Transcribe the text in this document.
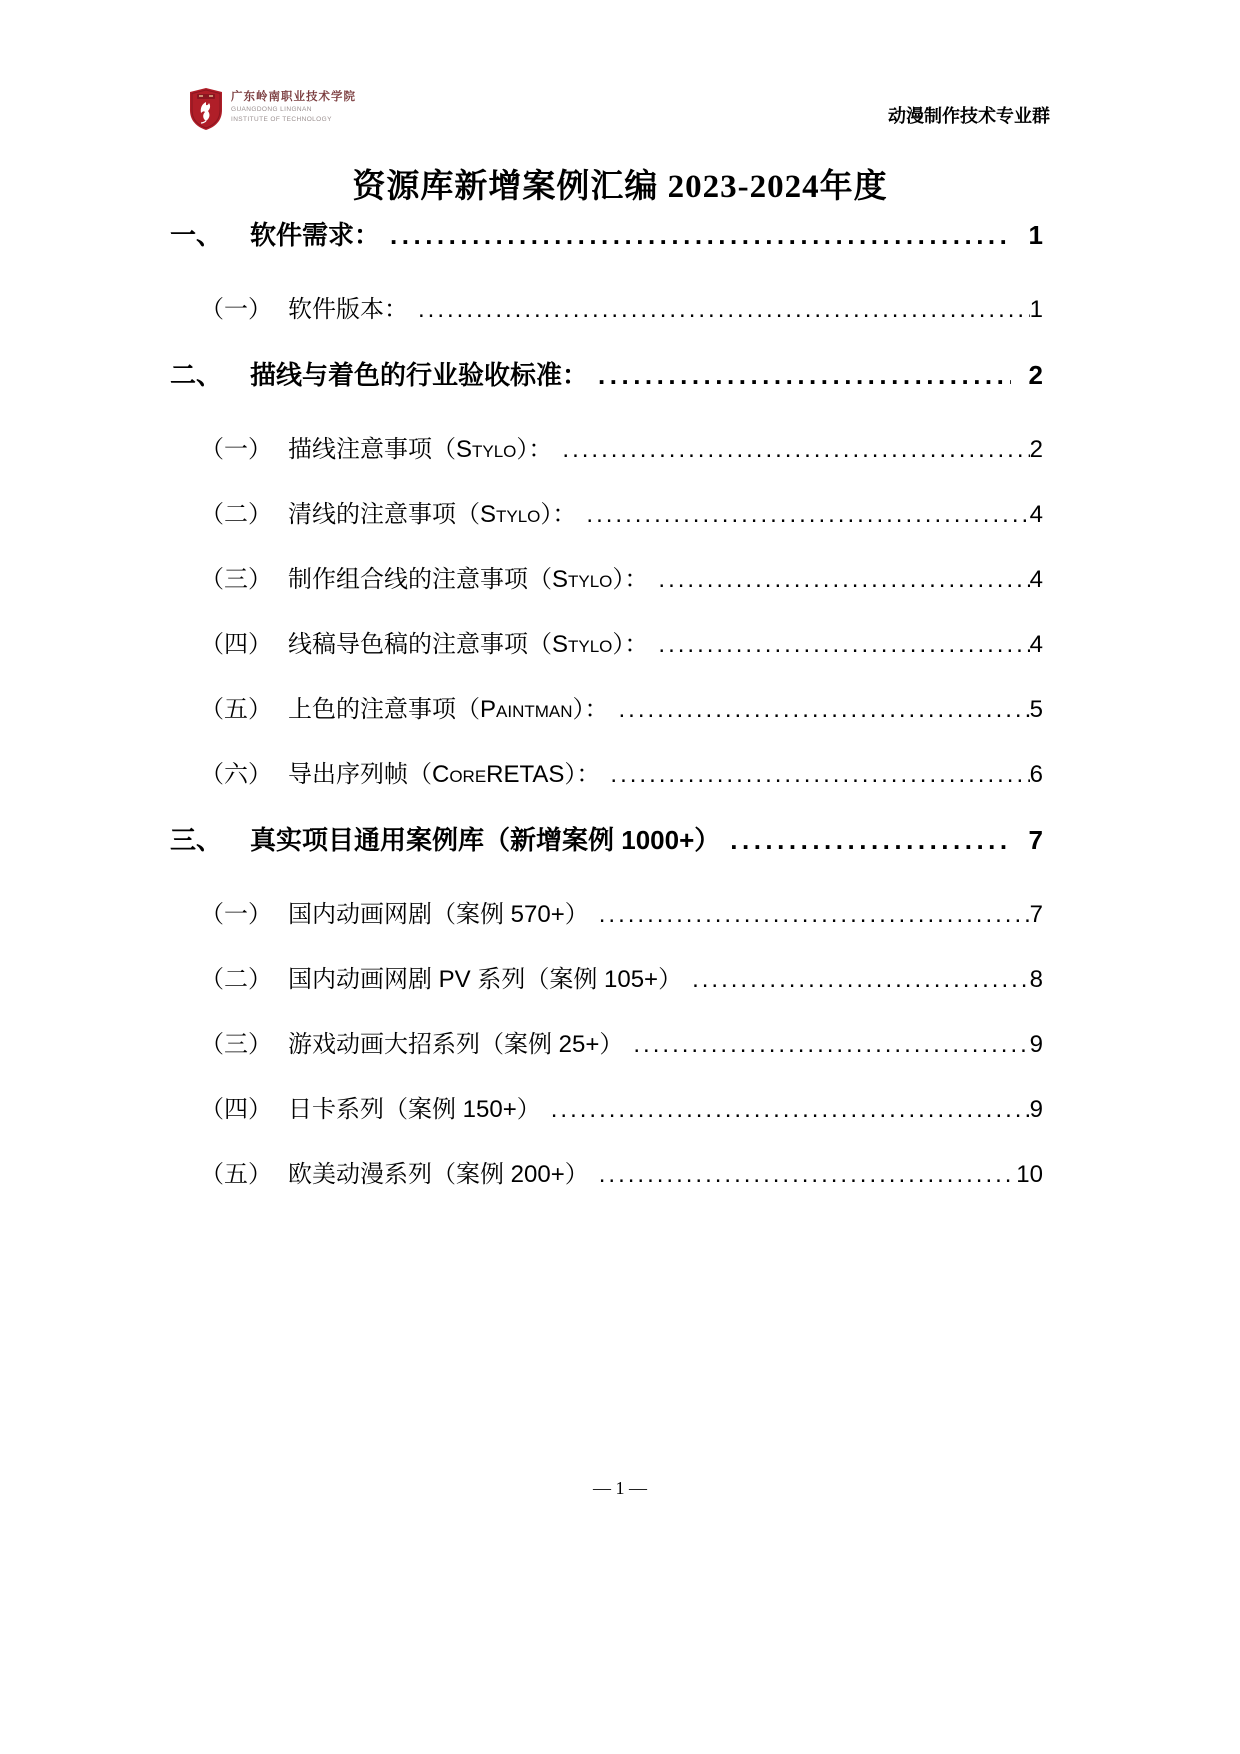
广东岭南职业技术学院
GUANGDONG LINGNAN
INSTITUTE OF TECHNOLOGY	动漫制作技术专业群
资源库新增案例汇编 2023-2024年度
一、 软件需求： .....	1
（一） 软件版本： .....	1
二、 描线与着色的行业验收标准： .....	2
（一） 描线注意事项（Stylo）： .....	2
（二） 清线的注意事项（Stylo）： .....	4
（三） 制作组合线的注意事项（Stylo）： .....	4
（四） 线稿导色稿的注意事项（Stylo）： .....	4
（五） 上色的注意事项（Paintman）： .....	5
（六） 导出序列帧（CoreRETAS）： .....	6
三、 真实项目通用案例库（新增案例 1000+） .....	7
（一） 国内动画网剧（案例 570+） .....	7
（二） 国内动画网剧 PV 系列（案例 105+） .....	8
（三） 游戏动画大招系列（案例 25+） .....	9
（四） 日卡系列（案例 150+） .....	9
（五） 欧美动漫系列（案例 200+） .....	10
— 1 —
